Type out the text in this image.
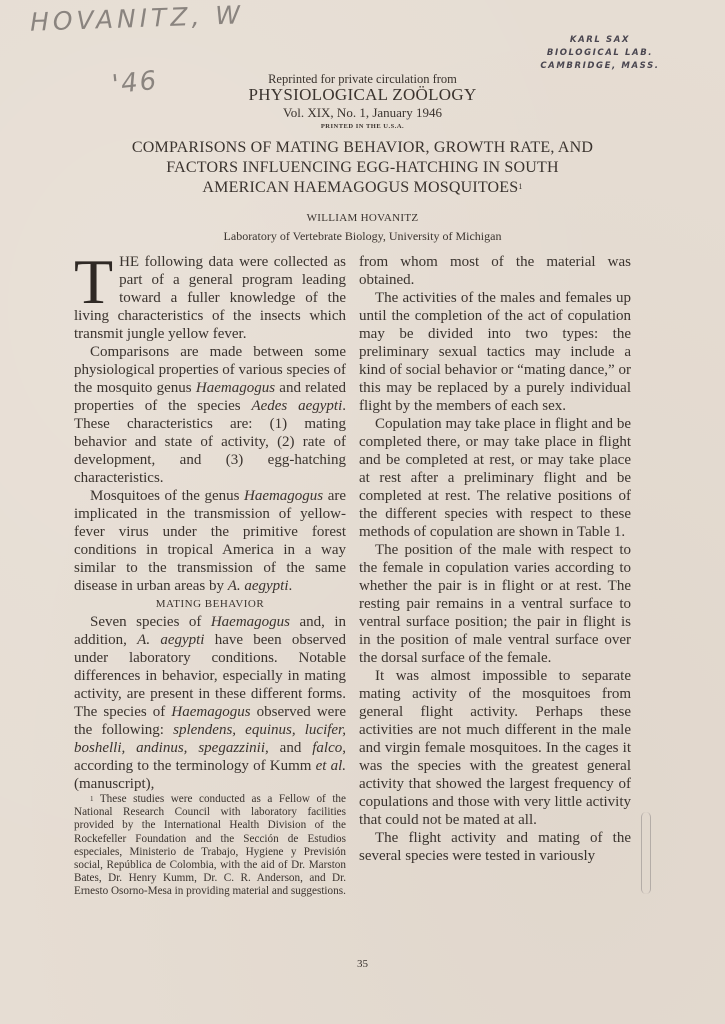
HOVANITZ, W
'46
KARL SAX
BIOLOGICAL LAB.
CAMBRIDGE, MASS.
Reprinted for private circulation from
PHYSIOLOGICAL ZOÖLOGY
Vol. XIX, No. 1, January 1946
PRINTED IN THE U.S.A.
COMPARISONS OF MATING BEHAVIOR, GROWTH RATE, AND
FACTORS INFLUENCING EGG-HATCHING IN SOUTH
AMERICAN HAEMAGOGUS MOSQUITOES$^1$
WILLIAM HOVANITZ
Laboratory of Vertebrate Biology, University of Michigan

THE following data were collected as part of a general program leading toward a fuller knowledge of the living characteristics of the insects which transmit jungle yellow fever.

Comparisons are made between some physiological properties of various species of the mosquito genus Haemagogus and related properties of the species Aedes aegypti. These characteristics are: (1) mating behavior and state of activity, (2) rate of development, and (3) egg-hatching characteristics.

Mosquitoes of the genus Haemagogus are implicated in the transmission of yellow-fever virus under the primitive forest conditions in tropical America in a way similar to the transmission of the same disease in urban areas by A. aegypti.

MATING BEHAVIOR

Seven species of Haemagogus and, in addition, A. aegypti have been observed under laboratory conditions. Notable differences in behavior, especially in mating activity, are present in these different forms. The species of Haemagogus observed were the following: splendens, equinus, lucifer, boshelli, andinus, spegazzinii, and falco, according to the terminology of Kumm et al. (manuscript),

$^1$ These studies were conducted as a Fellow of the National Research Council with laboratory facilities provided by the International Health Division of the Rockefeller Foundation and the Sección de Estudios especiales, Ministerio de Trabajo, Hygiene y Previsión social, República de Colombia, with the aid of Dr. Marston Bates, Dr. Henry Kumm, Dr. C. R. Anderson, and Dr. Ernesto Osorno-Mesa in providing material and suggestions.

from whom most of the material was obtained.

The activities of the males and females up until the completion of the act of copulation may be divided into two types: the preliminary sexual tactics may include a kind of social behavior or “mating dance,” or this may be replaced by a purely individual flight by the members of each sex.

Copulation may take place in flight and be completed there, or may take place in flight and be completed at rest, or may take place at rest after a preliminary flight and be completed at rest. The relative positions of the different species with respect to these methods of copulation are shown in Table 1.

The position of the male with respect to the female in copulation varies according to whether the pair is in flight or at rest. The resting pair remains in a ventral surface to ventral surface position; the pair in flight is in the position of male ventral surface over the dorsal surface of the female.

It was almost impossible to separate mating activity of the mosquitoes from general flight activity. Perhaps these activities are not much different in the male and virgin female mosquitoes. In the cages it was the species with the greatest general activity that showed the largest frequency of copulations and those with very little activity that could not be mated at all.

The flight activity and mating of the several species were tested in variously

35
